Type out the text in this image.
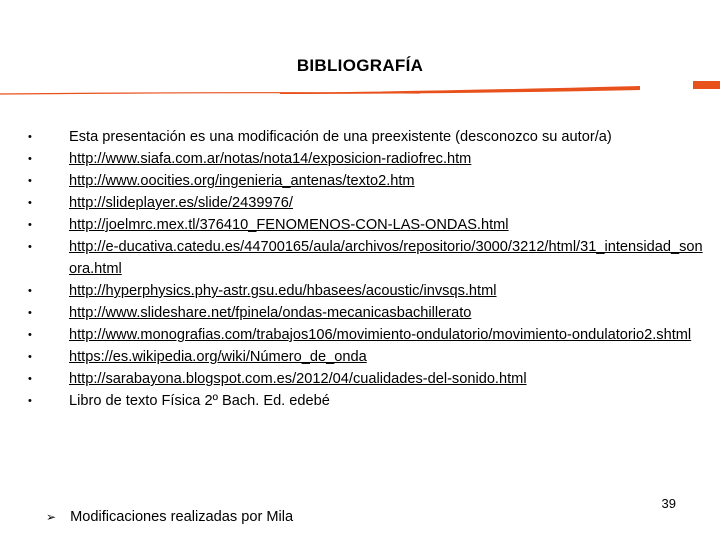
BIBLIOGRAFÍA
•	Esta presentación es una modificación de una preexistente (desconozco su autor/a)
•	http://www.siafa.com.ar/notas/nota14/exposicion-radiofrec.htm
•	http://www.oocities.org/ingenieria_antenas/texto2.htm
•	http://slideplayer.es/slide/2439976/
•	http://joelmrc.mex.tl/376410_FENOMENOS-CON-LAS-ONDAS.html
•	http://e-ducativa.catedu.es/44700165/aula/archivos/repositorio/3000/3212/html/31_intensidad_sonora.html
•	http://hyperphysics.phy-astr.gsu.edu/hbasees/acoustic/invsqs.html
•	http://www.slideshare.net/fpinela/ondas-mecanicasbachillerato
•	http://www.monografias.com/trabajos106/movimiento-ondulatorio/movimiento-ondulatorio2.shtml
•	https://es.wikipedia.org/wiki/Número_de_onda
•	http://sarabayona.blogspot.com.es/2012/04/cualidades-del-sonido.html
•	Libro de texto Física 2º Bach. Ed. edebé
➢ Modificaciones realizadas por Mila
39
